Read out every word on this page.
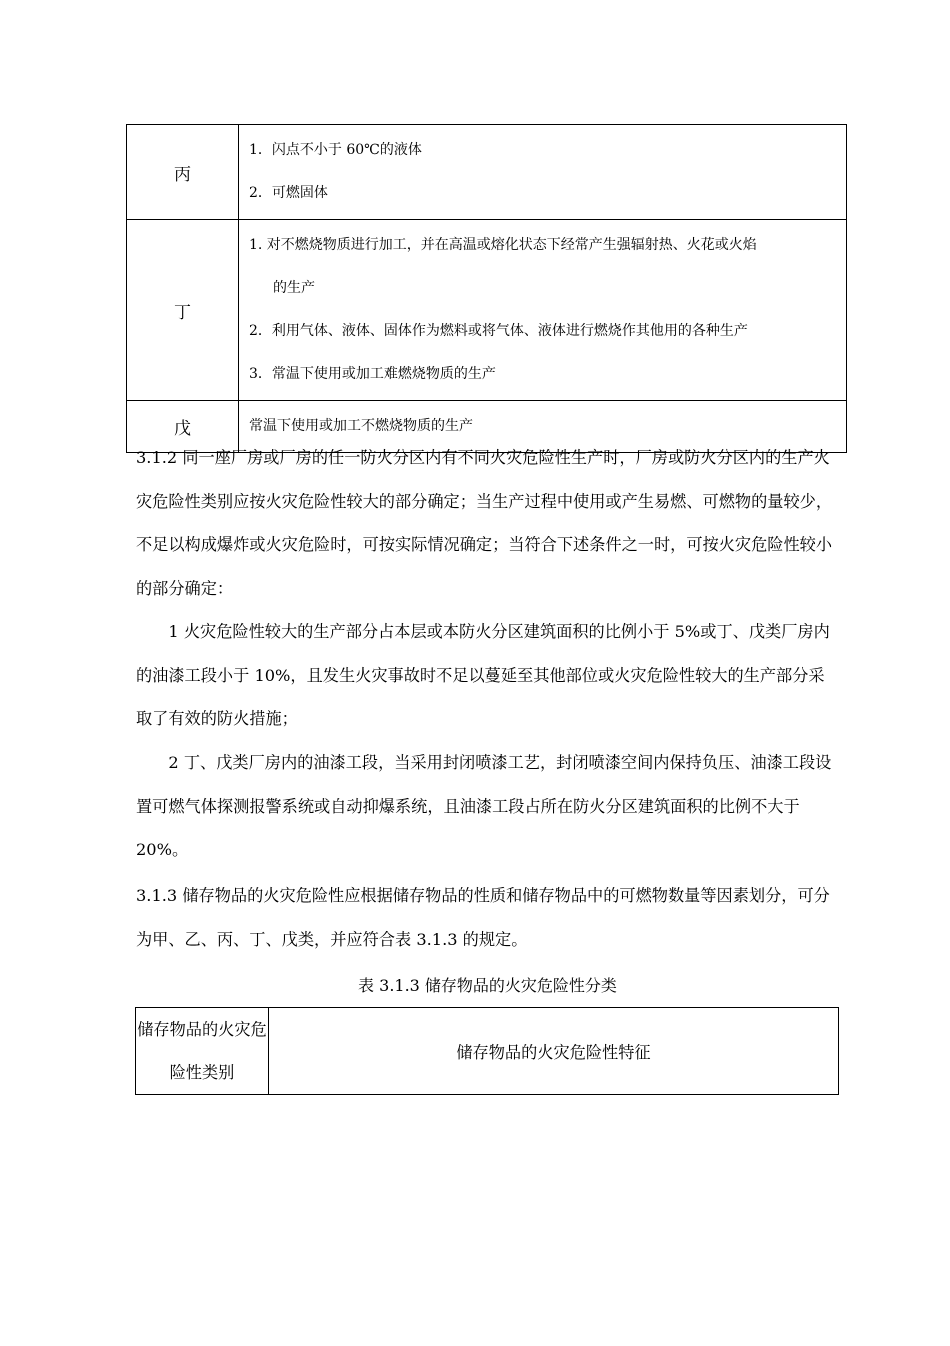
丙	1．闪点不小于 60℃的液体
2．可燃固体

丁	1. 对不燃烧物质进行加工，并在高温或熔化状态下经常产生强辐射热、火花或火焰
的生产
2．利用气体、液体、固体作为燃料或将气体、液体进行燃烧作其他用的各种生产
3．常温下使用或加工难燃烧物质的生产

戊	常温下使用或加工不燃烧物质的生产

3.1.2 同一座厂房或厂房的任一防火分区内有不同火灾危险性生产时，厂房或防火分区内的生产火灾危险性类别应按火灾危险性较大的部分确定；当生产过程中使用或产生易燃、可燃物的量较少，不足以构成爆炸或火灾危险时，可按实际情况确定；当符合下述条件之一时，可按火灾危险性较小的部分确定：

1 火灾危险性较大的生产部分占本层或本防火分区建筑面积的比例小于 5%或丁、戊类厂房内的油漆工段小于 10%，且发生火灾事故时不足以蔓延至其他部位或火灾危险性较大的生产部分采取了有效的防火措施；

2 丁、戊类厂房内的油漆工段，当采用封闭喷漆工艺，封闭喷漆空间内保持负压、油漆工段设置可燃气体探测报警系统或自动抑爆系统，且油漆工段占所在防火分区建筑面积的比例不大于 20%。

3.1.3 储存物品的火灾危险性应根据储存物品的性质和储存物品中的可燃物数量等因素划分，可分为甲、乙、丙、丁、戊类，并应符合表 3.1.3 的规定。

表 3.1.3 储存物品的火灾危险性分类

储存物品的火灾危险性类别	储存物品的火灾危险性特征
